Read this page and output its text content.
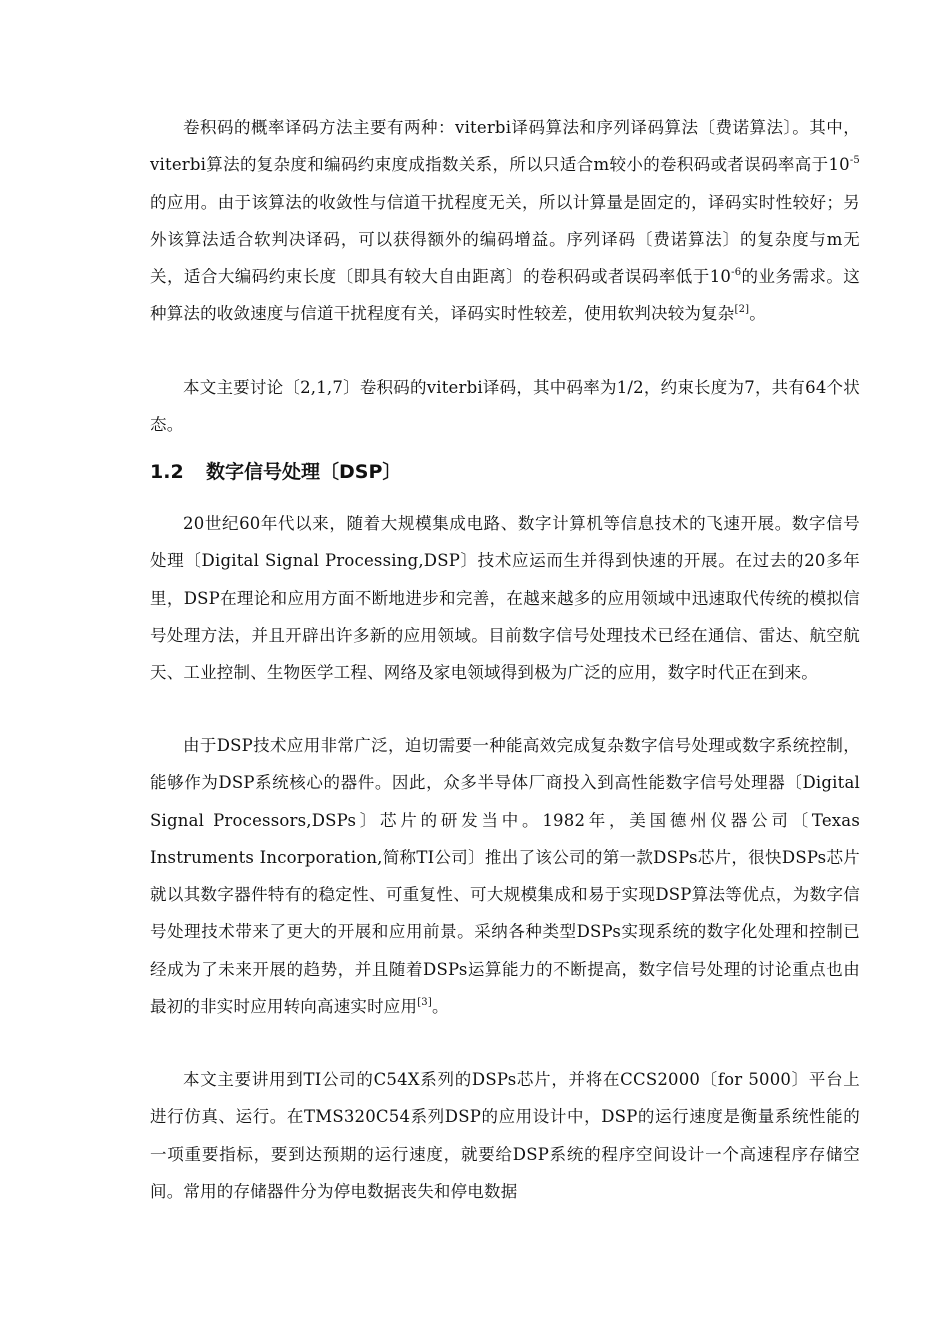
卷积码的概率译码方法主要有两种：viterbi译码算法和序列译码算法〔费诺算法〕。其中，viterbi算法的复杂度和编码约束度成指数关系，所以只适合m较小的卷积码或者误码率高于$10^{-5}$的应用。由于该算法的收敛性与信道干扰程度无关，所以计算量是固定的，译码实时性较好；另外该算法适合软判决译码，可以获得额外的编码增益。序列译码〔费诺算法〕的复杂度与m无关，适合大编码约束长度〔即具有较大自由距离〕的卷积码或者误码率低于$10^{-6}$的业务需求。这种算法的收敛速度与信道干扰程度有关，译码实时性较差，使用软判决较为复杂[2]。

本文主要讨论〔2,1,7〕卷积码的viterbi译码，其中码率为1/2，约束长度为7，共有64个状态。

1.2 数字信号处理〔DSP〕

20世纪60年代以来，随着大规模集成电路、数字计算机等信息技术的飞速开展。数字信号处理〔Digital Signal Processing,DSP〕技术应运而生并得到快速的开展。在过去的20多年里，DSP在理论和应用方面不断地进步和完善，在越来越多的应用领域中迅速取代传统的模拟信号处理方法，并且开辟出许多新的应用领域。目前数字信号处理技术已经在通信、雷达、航空航天、工业控制、生物医学工程、网络及家电领域得到极为广泛的应用，数字时代正在到来。

由于DSP技术应用非常广泛，迫切需要一种能高效完成复杂数字信号处理或数字系统控制，能够作为DSP系统核心的器件。因此，众多半导体厂商投入到高性能数字信号处理器〔Digital Signal Processors,DSPs〕芯片的研发当中。1982年，美国德州仪器公司〔Texas Instruments Incorporation,简称TI公司〕推出了该公司的第一款DSPs芯片，很快DSPs芯片就以其数字器件特有的稳定性、可重复性、可大规模集成和易于实现DSP算法等优点，为数字信号处理技术带来了更大的开展和应用前景。采纳各种类型DSPs实现系统的数字化处理和控制已经成为了未来开展的趋势，并且随着DSPs运算能力的不断提高，数字信号处理的讨论重点也由最初的非实时应用转向高速实时应用[3]。

本文主要讲用到TI公司的C54X系列的DSPs芯片，并将在CCS2000〔for 5000〕平台上进行仿真、运行。在TMS320C54系列DSP的应用设计中，DSP的运行速度是衡量系统性能的一项重要指标，要到达预期的运行速度，就要给DSP系统的程序空间设计一个高速程序存储空间。常用的存储器件分为停电数据丧失和停电数据
